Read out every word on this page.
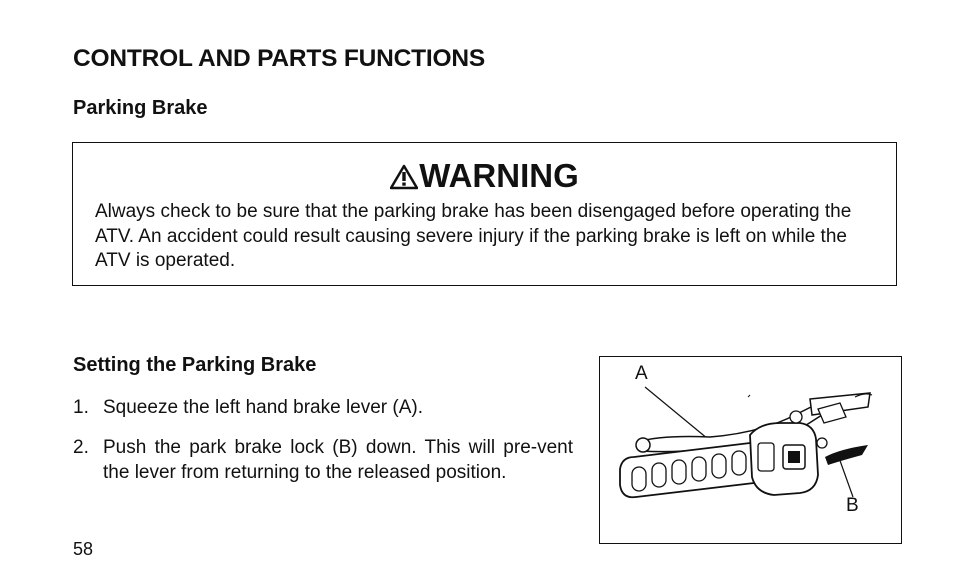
CONTROL AND PARTS FUNCTIONS
Parking Brake
WARNING
Always check to be sure that the parking brake has been disengaged before operating the ATV. An accident could result causing severe injury if the parking brake is left on while the ATV is operated.
Setting the Parking Brake
1. Squeeze the left hand brake lever (A).
2. Push the park brake lock (B) down. This will pre-vent the lever from returning to the released position.
A
B
58
